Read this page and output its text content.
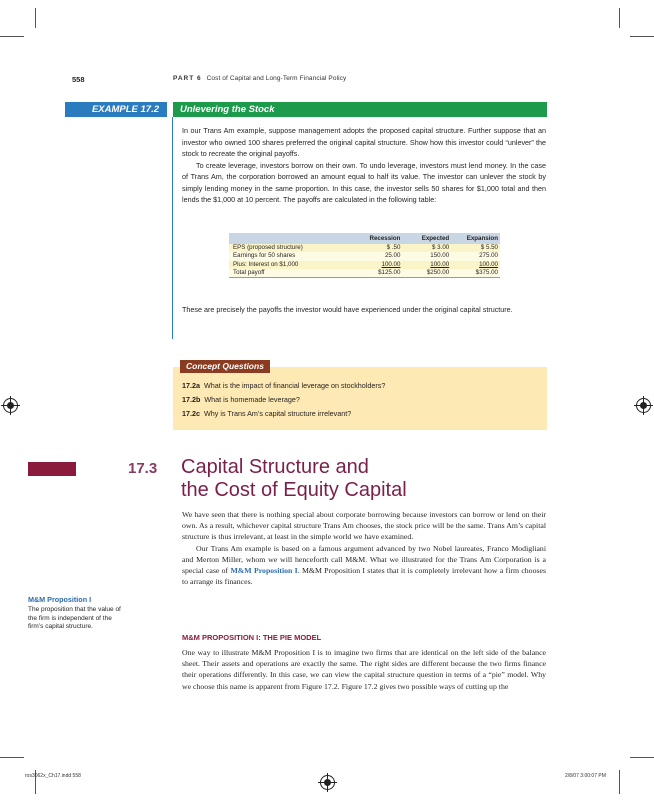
558	PART 6 Cost of Capital and Long-Term Financial Policy
EXAMPLE 17.2	Unlevering the Stock

In our Trans Am example, suppose management adopts the proposed capital structure. Further suppose that an investor who owned 100 shares preferred the original capital structure. Show how this investor could “unlever” the stock to recreate the original payoffs.

To create leverage, investors borrow on their own. To undo leverage, investors must lend money. In the case of Trans Am, the corporation borrowed an amount equal to half its value. The investor can unlever the stock by simply lending money in the same proportion. In this case, the investor sells 50 shares for $1,000 total and then lends the $1,000 at 10 percent. The payoffs are calculated in the following table:

	Recession	Expected	Expansion
EPS (proposed structure)	$ .50	$ 3.00	$ 5.50
Earnings for 50 shares	25.00	150.00	275.00
Plus: Interest on $1,000	100.00	100.00	100.00
Total payoff	$125.00	$250.00	$375.00
These are precisely the payoffs the investor would have experienced under the original capital structure.
Concept Questions
17.2a What is the impact of financial leverage on stockholders?
17.2b What is homemade leverage?
17.2c Why is Trans Am’s capital structure irrelevant?
17.3 Capital Structure and
the Cost of Equity Capital

We have seen that there is nothing special about corporate borrowing because investors can borrow or lend on their own. As a result, whichever capital structure Trans Am chooses, the stock price will be the same. Trans Am’s capital structure is thus irrelevant, at least in the simple world we have examined.

Our Trans Am example is based on a famous argument advanced by two Nobel laureates, Franco Modigliani and Merton Miller, whom we will henceforth call M&M. What we illustrated for the Trans Am Corporation is a special case of M&M Proposition I. M&M Proposition I states that it is completely irrelevant how a firm chooses to arrange its finances.

M&M Proposition I
The proposition that the value of the firm is independent of the firm’s capital structure.
M&M PROPOSITION I: THE PIE MODEL

One way to illustrate M&M Proposition I is to imagine two firms that are identical on the left side of the balance sheet. Their assets and operations are exactly the same. The right sides are different because the two firms finance their operations differently. In this case, we can view the capital structure question in terms of a “pie” model. Why we choose this name is apparent from Figure 17.2. Figure 17.2 gives two possible ways of cutting up the

ros3062x_Ch17.indd 558	2/8/07 3:00:07 PM
